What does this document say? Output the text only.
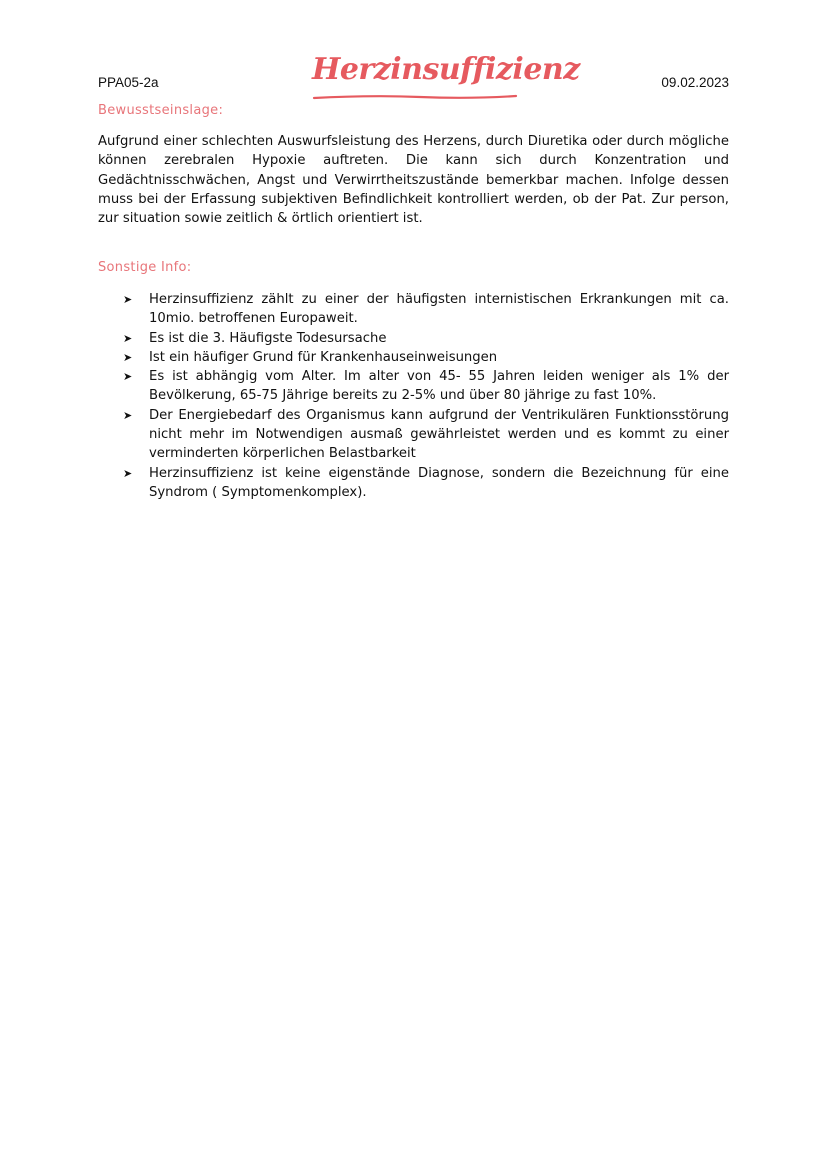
PPA05-2a	Herzinsuffizienz	09.02.2023
Bewusstseinslage:
Aufgrund einer schlechten Auswurfsleistung des Herzens, durch Diuretika oder durch mögliche können zerebralen Hypoxie auftreten. Die kann sich durch Konzentration und Gedächtnisschwächen, Angst und Verwirrtheitszustände bemerkbar machen. Infolge dessen muss bei der Erfassung subjektiven Befindlichkeit kontrolliert werden, ob der Pat. Zur person, zur situation sowie zeitlich & örtlich orientiert ist.
Sonstige Info:
➤ Herzinsuffizienz zählt zu einer der häufigsten internistischen Erkrankungen mit ca. 10mio. betroffenen Europaweit.
➤ Es ist die 3. Häufigste Todesursache
➤ Ist ein häufiger Grund für Krankenhauseinweisungen
➤ Es ist abhängig vom Alter. Im alter von 45- 55 Jahren leiden weniger als 1% der Bevölkerung, 65-75 Jährige bereits zu 2-5% und über 80 jährige zu fast 10%.
➤ Der Energiebedarf des Organismus kann aufgrund der Ventrikulären Funktionsstörung nicht mehr im Notwendigen ausmaß gewährleistet werden und es kommt zu einer verminderten körperlichen Belastbarkeit
➤ Herzinsuffizienz ist keine eigenstände Diagnose, sondern die Bezeichnung für eine Syndrom ( Symptomenkomplex).
